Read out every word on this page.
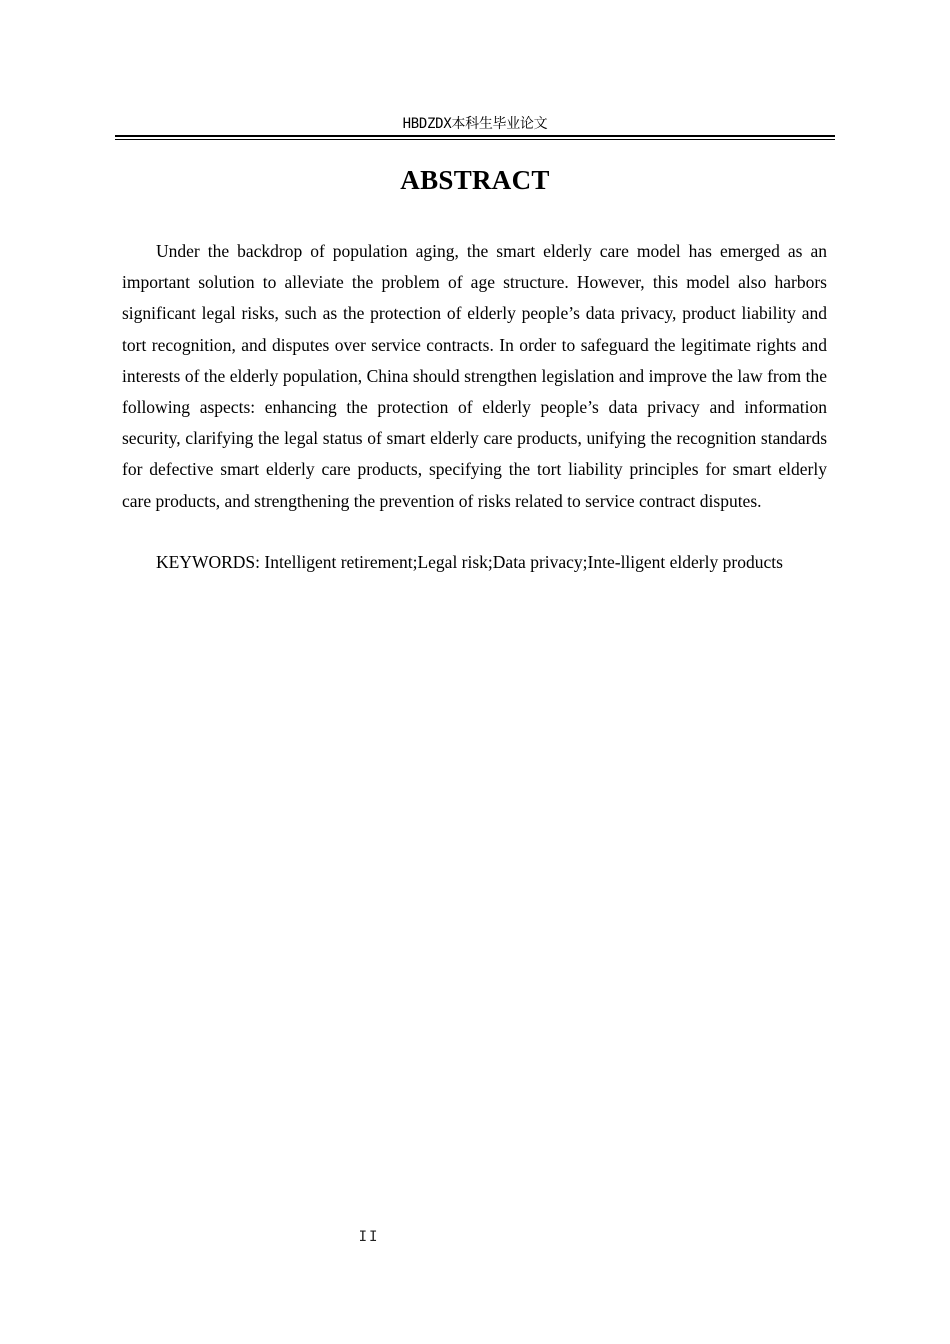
HBDZDX本科生毕业论文
ABSTRACT

Under the backdrop of population aging, the smart elderly care model has emerged as an important solution to alleviate the problem of age structure. However, this model also harbors significant legal risks, such as the protection of elderly people’s data privacy, product liability and tort recognition, and disputes over service contracts. In order to safeguard the legitimate rights and interests of the elderly population, China should strengthen legislation and improve the law from the following aspects: enhancing the protection of elderly people’s data privacy and information security, clarifying the legal status of smart elderly care products, unifying the recognition standards for defective smart elderly care products, specifying the tort liability principles for smart elderly care products, and strengthening the prevention of risks related to service contract disputes.

KEYWORDS: Intelligent retirement;Legal risk;Data privacy;Inte-lligent elderly products

II
